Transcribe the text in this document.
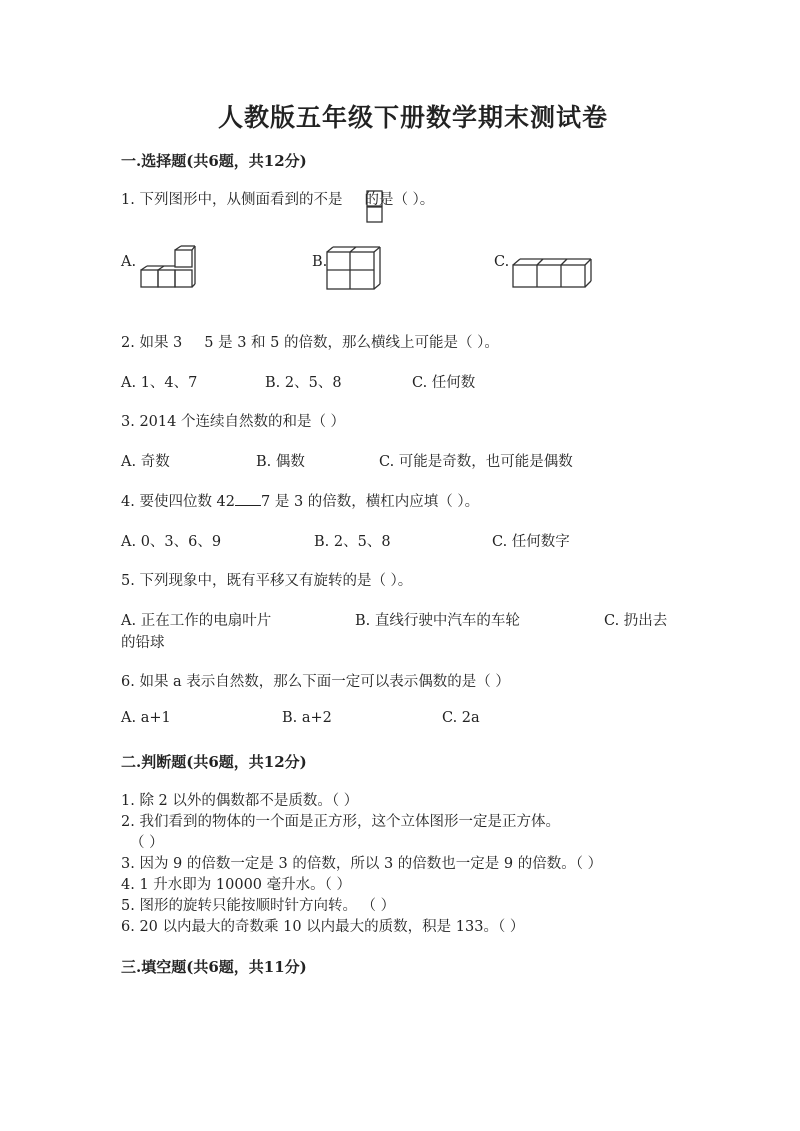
人教版五年级下册数学期末测试卷
一.选择题(共6题，共12分)
1. 下列图形中，从侧面看到的不是 的是（ ）。
A.	B.	C.
2. 如果 3 5 是 3 和 5 的倍数，那么横线上可能是（ ）。
A. 1、4、7	B. 2、5、8	C. 任何数
3. 2014 个连续自然数的和是（ ）
A. 奇数	B. 偶数	C. 可能是奇数，也可能是偶数
4. 要使四位数 42 7 是 3 的倍数，横杠内应填（ ）。
A. 0、3、6、9	B. 2、5、8	C. 任何数字
5. 下列现象中，既有平移又有旋转的是（ ）。
A. 正在工作的电扇叶片	B. 直线行驶中汽车的车轮	C. 扔出去
的铅球
6. 如果 a 表示自然数，那么下面一定可以表示偶数的是（ ）
A. a+1	B. a+2	C. 2a
二.判断题(共6题，共12分)
1. 除 2 以外的偶数都不是质数。（ ）
2. 我们看到的物体的一个面是正方形，这个立体图形一定是正方体。
（ ）
3. 因为 9 的倍数一定是 3 的倍数，所以 3 的倍数也一定是 9 的倍数。（ ）
4. 1 升水即为 10000 毫升水。（ ）
5. 图形的旋转只能按顺时针方向转。 （ ）
6. 20 以内最大的奇数乘 10 以内最大的质数，积是 133。（ ）
三.填空题(共6题，共11分)
